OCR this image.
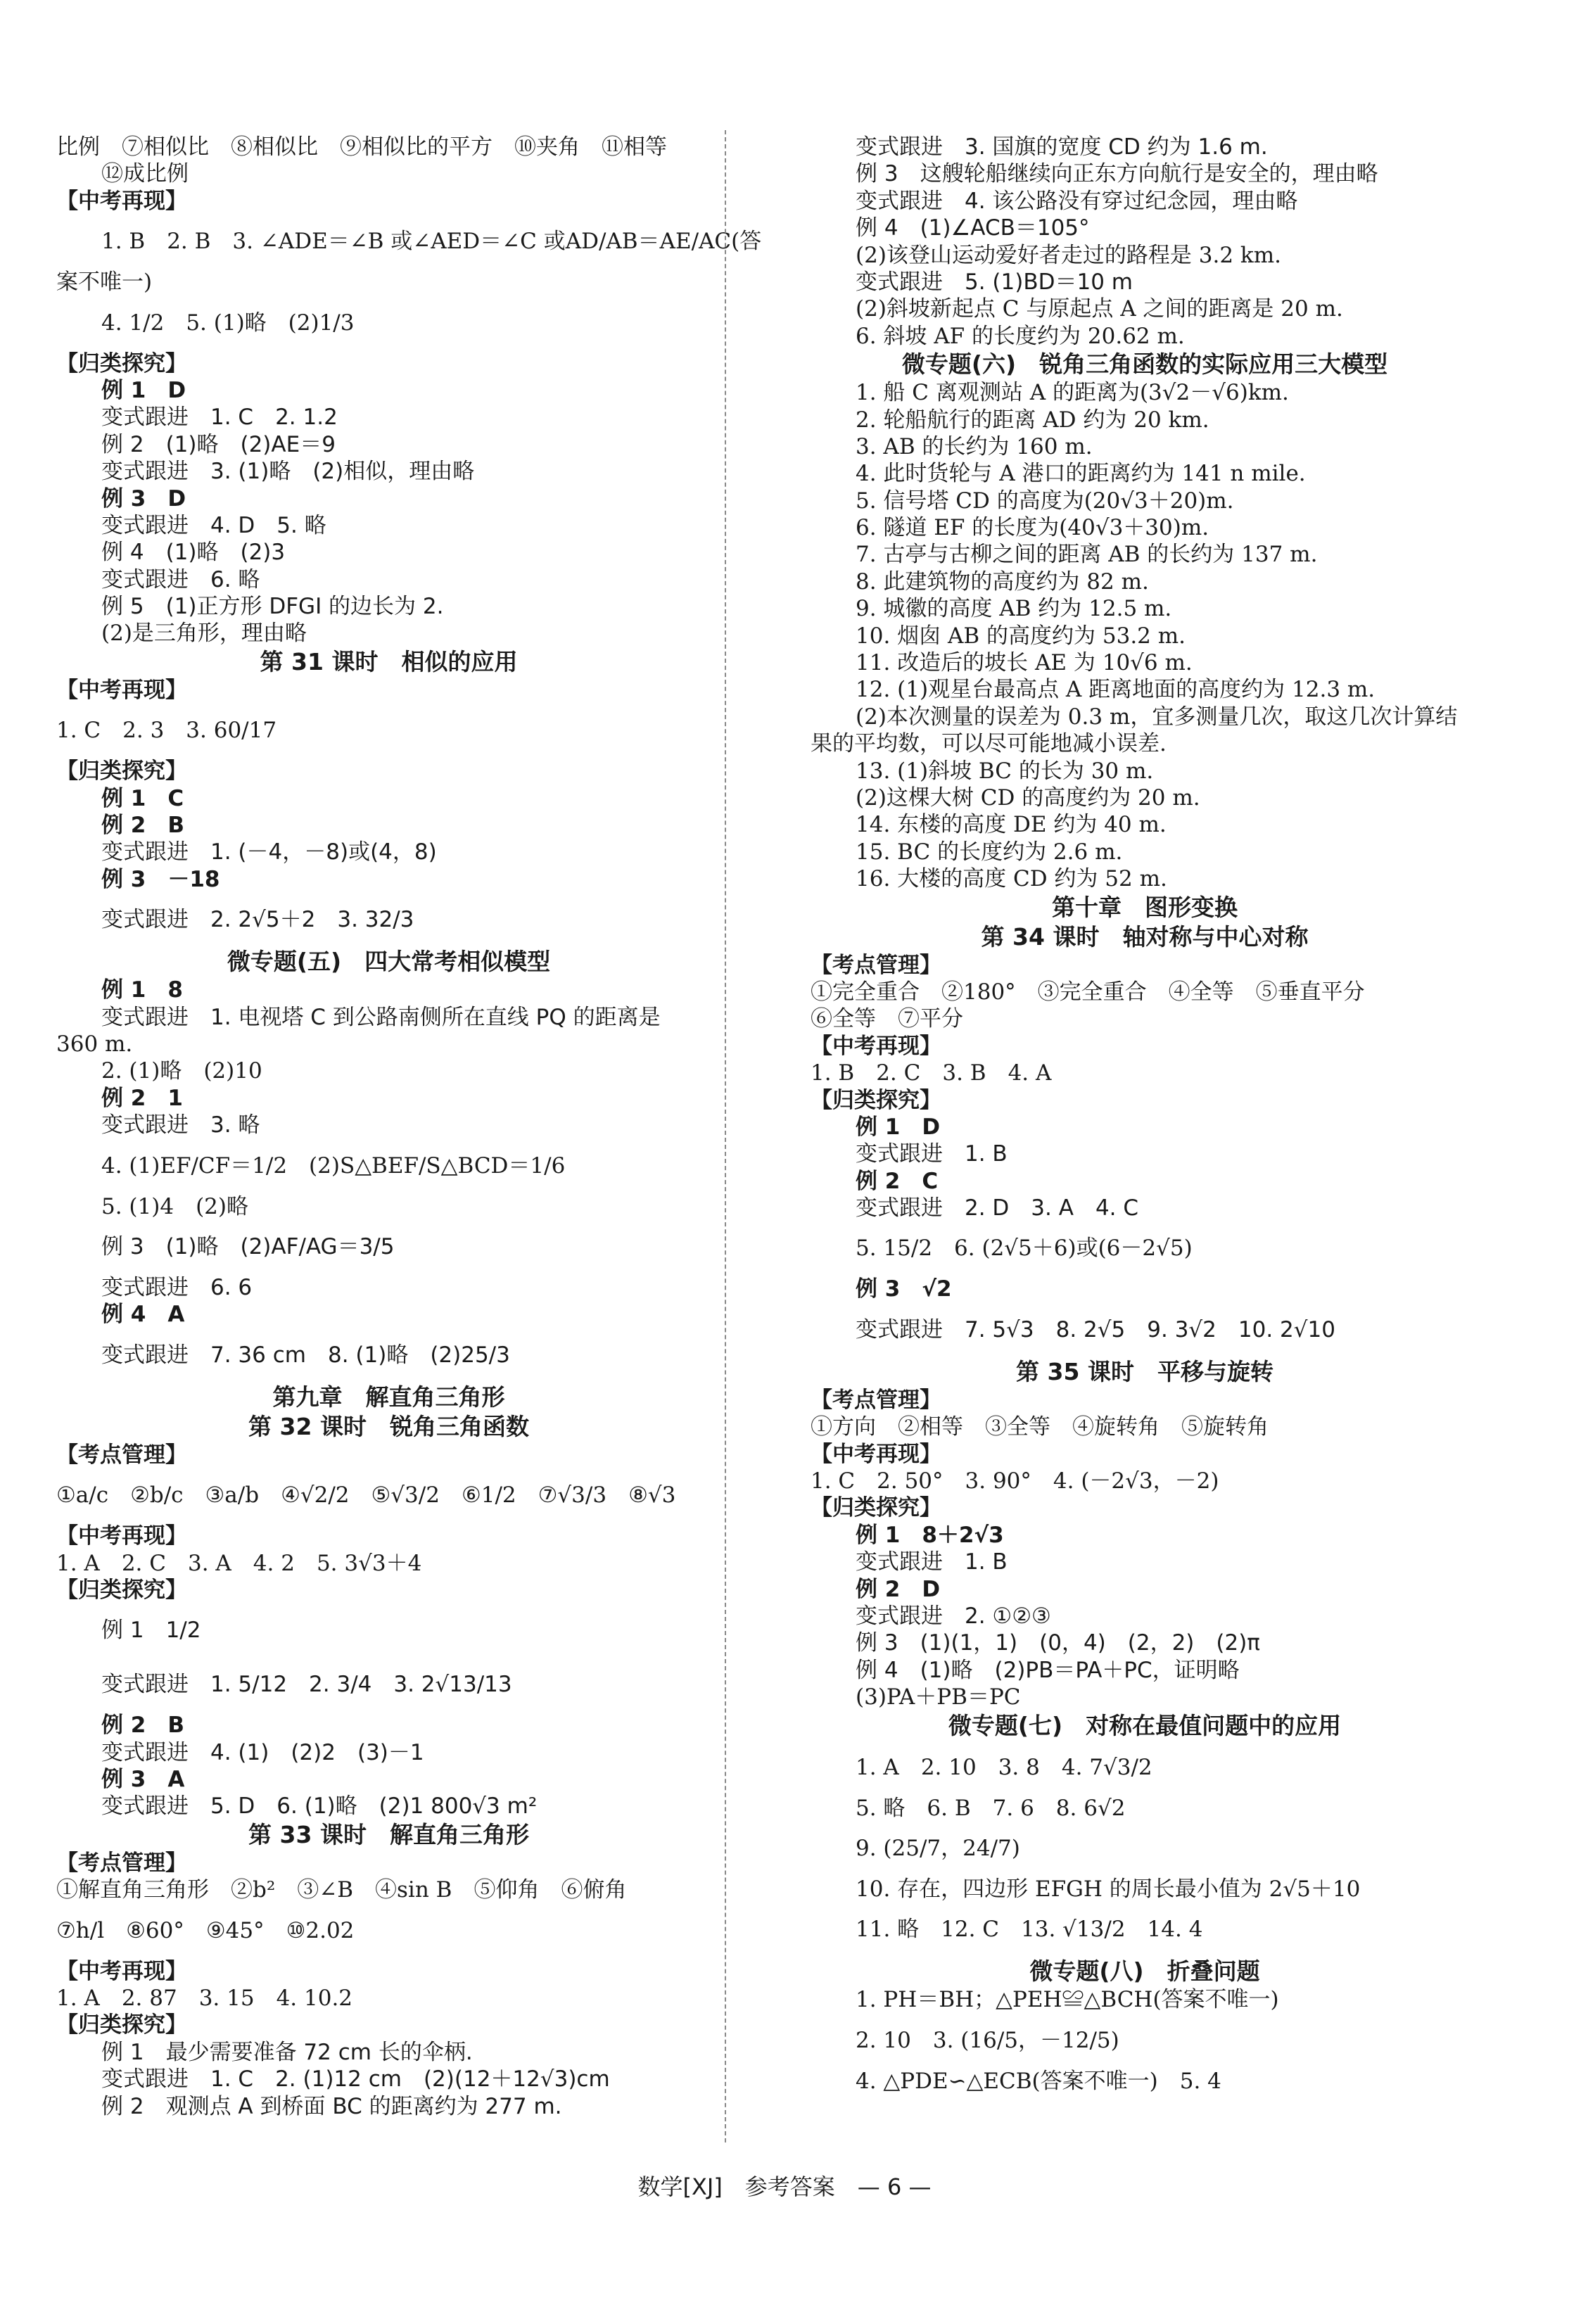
比例　⑦相似比　⑧相似比　⑨相似比的平方　⑩夹角　⑪相等
⑫成比例
【中考再现】
1. B　2. B　3. ∠ADE＝∠B 或∠AED＝∠C 或AD/AB＝AE/AC(答
案不唯一)
4. 1/2　5. (1)略　(2)1/3
【归类探究】
例 1　D
变式跟进　1. C　2. 1.2
例 2　(1)略　(2)AE＝9
变式跟进　3. (1)略　(2)相似，理由略
例 3　D
变式跟进　4. D　5. 略
例 4　(1)略　(2)3
变式跟进　6. 略
例 5　(1)正方形 DFGI 的边长为 2.
(2)是三角形，理由略
第 31 课时　相似的应用
【中考再现】
1. C　2. 3　3. 60/17
【归类探究】
例 1　C
例 2　B
变式跟进　1. (－4，－8)或(4，8)
例 3　－18
变式跟进　2. 2√5＋2　3. 32/3
微专题(五)　四大常考相似模型
例 1　8
变式跟进　1. 电视塔 C 到公路南侧所在直线 PQ 的距离是
360 m.
2. (1)略　(2)10
例 2　1
变式跟进　3. 略
4. (1)EF/CF＝1/2　(2)S△BEF/S△BCD＝1/6
5. (1)4　(2)略
例 3　(1)略　(2)AF/AG＝3/5
变式跟进　6. 6
例 4　A
变式跟进　7. 36 cm　8. (1)略　(2)25/3
第九章　解直角三角形
第 32 课时　锐角三角函数
【考点管理】
①a/c　②b/c　③a/b　④√2/2　⑤√3/2　⑥1/2　⑦√3/3　⑧√3
【中考再现】
1. A　2. C　3. A　4. 2　5. 3√3＋4
【归类探究】
例 1　1/2
变式跟进　1. 5/12　2. 3/4　3. 2√13/13
例 2　B
变式跟进　4. (1)　(2)2　(3)－1
例 3　A
变式跟进　5. D　6. (1)略　(2)1 800√3 m²
第 33 课时　解直角三角形
【考点管理】
①解直角三角形　②b²　③∠B　④sin B　⑤仰角　⑥俯角
⑦h/l　⑧60°　⑨45°　⑩2.02
【中考再现】
1. A　2. 87　3. 15　4. 10.2
【归类探究】
例 1　最少需要准备 72 cm 长的伞柄.
变式跟进　1. C　2. (1)12 cm　(2)(12＋12√3)cm
例 2　观测点 A 到桥面 BC 的距离约为 277 m.
变式跟进　3. 国旗的宽度 CD 约为 1.6 m.
例 3　这艘轮船继续向正东方向航行是安全的，理由略
变式跟进　4. 该公路没有穿过纪念园，理由略
例 4　(1)∠ACB＝105°
(2)该登山运动爱好者走过的路程是 3.2 km.
变式跟进　5. (1)BD＝10 m
(2)斜坡新起点 C 与原起点 A 之间的距离是 20 m.
6. 斜坡 AF 的长度约为 20.62 m.
微专题(六)　锐角三角函数的实际应用三大模型
1. 船 C 离观测站 A 的距离为(3√2－√6)km.
2. 轮船航行的距离 AD 约为 20 km.
3. AB 的长约为 160 m.
4. 此时货轮与 A 港口的距离约为 141 n mile.
5. 信号塔 CD 的高度为(20√3＋20)m.
6. 隧道 EF 的长度为(40√3＋30)m.
7. 古亭与古柳之间的距离 AB 的长约为 137 m.
8. 此建筑物的高度约为 82 m.
9. 城徽的高度 AB 约为 12.5 m.
10. 烟囱 AB 的高度约为 53.2 m.
11. 改造后的坡长 AE 为 10√6 m.
12. (1)观星台最高点 A 距离地面的高度约为 12.3 m.
(2)本次测量的误差为 0.3 m，宜多测量几次，取这几次计算结
果的平均数，可以尽可能地减小误差.
13. (1)斜坡 BC 的长为 30 m.
(2)这棵大树 CD 的高度约为 20 m.
14. 东楼的高度 DE 约为 40 m.
15. BC 的长度约为 2.6 m.
16. 大楼的高度 CD 约为 52 m.
第十章　图形变换
第 34 课时　轴对称与中心对称
【考点管理】
①完全重合　②180°　③完全重合　④全等　⑤垂直平分
⑥全等　⑦平分
【中考再现】
1. B　2. C　3. B　4. A
【归类探究】
例 1　D
变式跟进　1. B
例 2　C
变式跟进　2. D　3. A　4. C
5. 15/2　6. (2√5＋6)或(6－2√5)
例 3　√2
变式跟进　7. 5√3　8. 2√5　9. 3√2　10. 2√10
第 35 课时　平移与旋转
【考点管理】
①方向　②相等　③全等　④旋转角　⑤旋转角
【中考再现】
1. C　2. 50°　3. 90°　4. (－2√3，－2)
【归类探究】
例 1　8＋2√3
变式跟进　1. B
例 2　D
变式跟进　2. ①②③
例 3　(1)(1，1)　(0，4)　(2，2)　(2)π
例 4　(1)略　(2)PB＝PA＋PC，证明略
(3)PA＋PB＝PC
微专题(七)　对称在最值问题中的应用
1. A　2. 10　3. 8　4. 7√3/2
5. 略　6. B　7. 6　8. 6√2
9. (25/7，24/7)
10. 存在，四边形 EFGH 的周长最小值为 2√5＋10
11. 略　12. C　13. √13/2　14. 4
微专题(八)　折叠问题
1. PH＝BH；△PEH≌△BCH(答案不唯一)
2. 10　3. (16/5，－12/5)
4. △PDE∽△ECB(答案不唯一)　5. 4
数学[XJ]　参考答案　— 6 —
